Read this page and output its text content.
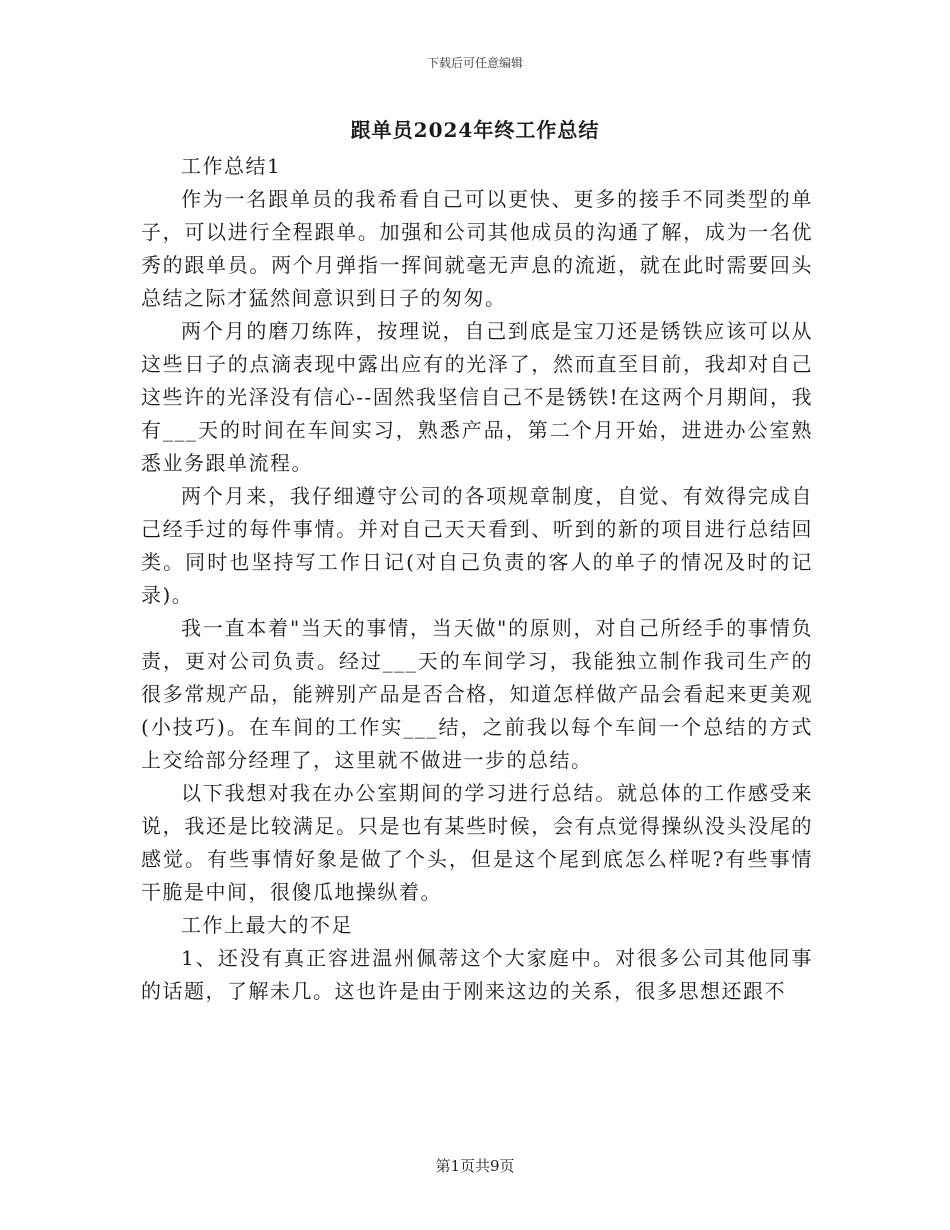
下载后可任意编辑
跟单员2024年终工作总结

工作总结1

作为一名跟单员的我希看自己可以更快、更多的接手不同类型的单子，可以进行全程跟单。加强和公司其他成员的沟通了解，成为一名优秀的跟单员。两个月弹指一挥间就毫无声息的流逝，就在此时需要回头总结之际才猛然间意识到日子的匆匆。

两个月的磨刀练阵，按理说，自己到底是宝刀还是锈铁应该可以从这些日子的点滴表现中露出应有的光泽了，然而直至目前，我却对自己这些许的光泽没有信心--固然我坚信自己不是锈铁!在这两个月期间，我有___天的时间在车间实习，熟悉产品，第二个月开始，进进办公室熟悉业务跟单流程。

两个月来，我仔细遵守公司的各项规章制度，自觉、有效得完成自己经手过的每件事情。并对自己天天看到、听到的新的项目进行总结回类。同时也坚持写工作日记(对自己负责的客人的单子的情况及时的记录)。

我一直本着"当天的事情，当天做"的原则，对自己所经手的事情负责，更对公司负责。经过___天的车间学习，我能独立制作我司生产的很多常规产品，能辨别产品是否合格，知道怎样做产品会看起来更美观(小技巧)。在车间的工作实___结，之前我以每个车间一个总结的方式上交给部分经理了，这里就不做进一步的总结。

以下我想对我在办公室期间的学习进行总结。就总体的工作感受来说，我还是比较满足。只是也有某些时候，会有点觉得操纵没头没尾的感觉。有些事情好象是做了个头，但是这个尾到底怎么样呢?有些事情干脆是中间，很傻瓜地操纵着。

工作上最大的不足

1、还没有真正容进温州佩蒂这个大家庭中。对很多公司其他同事的话题，了解未几。这也许是由于刚来这边的关系，很多思想还跟不

第1页共9页
